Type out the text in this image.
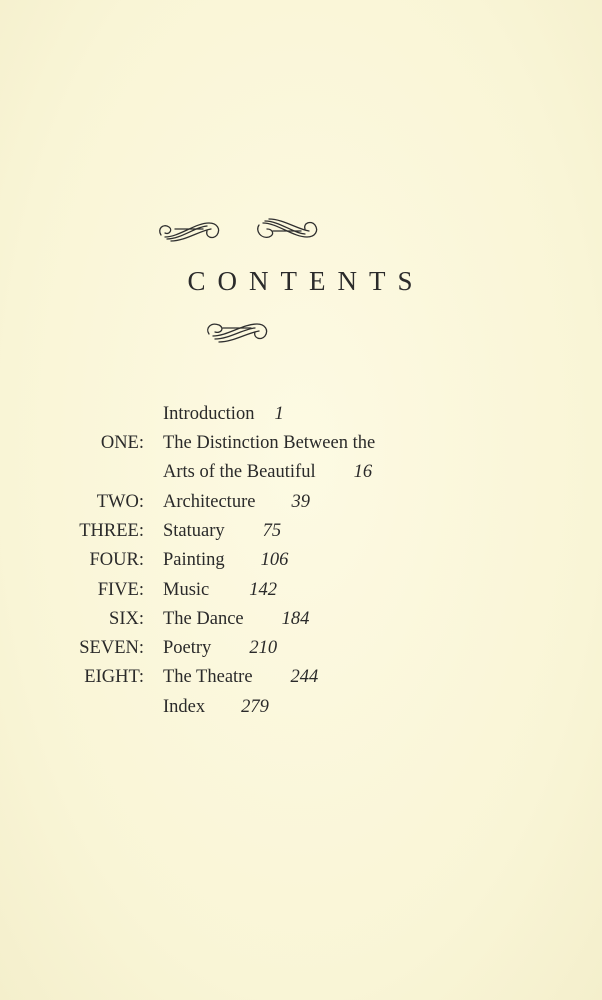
CONTENTS
Introduction 1
ONE: The Distinction Between the
Arts of the Beautiful 16
TWO: Architecture 39
THREE: Statuary 75
FOUR: Painting 106
FIVE: Music 142
SIX: The Dance 184
SEVEN: Poetry 210
EIGHT: The Theatre 244
Index 279
